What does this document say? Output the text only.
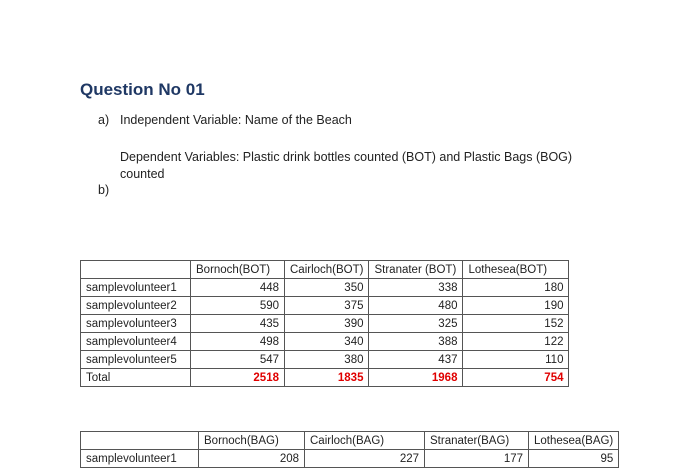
Question No 01
a) Independent Variable: Name of the Beach
Dependent Variables: Plastic drink bottles counted (BOT) and Plastic Bags (BOG) counted
b)
	Bornoch(BOT)	Cairloch(BOT)	Stranater (BOT)	Lothesea(BOT)
samplevolunteer1	448	350	338	180
samplevolunteer2	590	375	480	190
samplevolunteer3	435	390	325	152
samplevolunteer4	498	340	388	122
samplevolunteer5	547	380	437	110
Total	2518	1835	1968	754
	Bornoch(BAG)	Cairloch(BAG)	Stranater(BAG)	Lothesea(BAG)
samplevolunteer1	208	227	177	95
